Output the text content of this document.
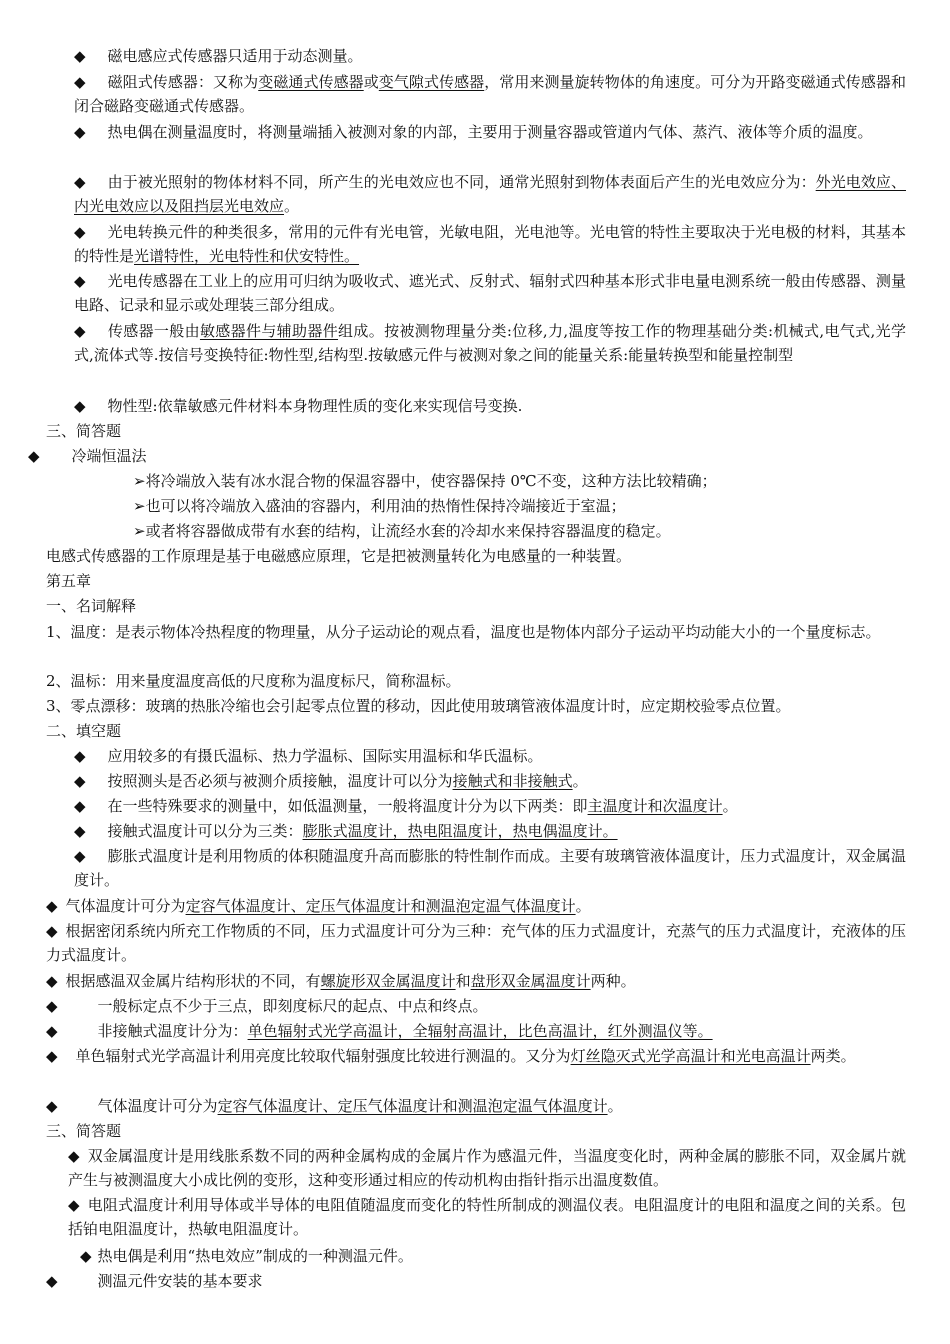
◆ 磁电感应式传感器只适用于动态测量。
◆ 磁阻式传感器：又称为变磁通式传感器或变气隙式传感器，常用来测量旋转物体的角速度。可分为开路变磁通式传感器和闭合磁路变磁通式传感器。
◆ 热电偶在测量温度时，将测量端插入被测对象的内部，主要用于测量容器或管道内气体、蒸汽、液体等介质的温度。
◆ 由于被光照射的物体材料不同，所产生的光电效应也不同，通常光照射到物体表面后产生的光电效应分为：外光电效应、内光电效应以及阻挡层光电效应。
◆ 光电转换元件的种类很多，常用的元件有光电管，光敏电阻，光电池等。光电管的特性主要取决于光电极的材料，其基本的特性是光谱特性，光电特性和伏安特性。
◆ 光电传感器在工业上的应用可归纳为吸收式、遮光式、反射式、辐射式四种基本形式非电量电测系统一般由传感器、测量电路、记录和显示或处理装三部分组成。
◆ 传感器一般由敏感器件与辅助器件组成。按被测物理量分类:位移,力,温度等按工作的物理基础分类:机械式,电气式,光学式,流体式等.按信号变换特征:物性型,结构型.按敏感元件与被测对象之间的能量关系:能量转换型和能量控制型
◆ 物性型:依靠敏感元件材料本身物理性质的变化来实现信号变换.
三、简答题
◆ 冷端恒温法
➢将冷端放入装有冰水混合物的保温容器中，使容器保持 0℃不变，这种方法比较精确；
➢也可以将冷端放入盛油的容器内，利用油的热惰性保持冷端接近于室温；
➢或者将容器做成带有水套的结构，让流经水套的冷却水来保持容器温度的稳定。
电感式传感器的工作原理是基于电磁感应原理，它是把被测量转化为电感量的一种装置。
第五章
一、名词解释
1、温度：是表示物体冷热程度的物理量，从分子运动论的观点看，温度也是物体内部分子运动平均动能大小的一个量度标志。
2、温标：用来量度温度高低的尺度称为温度标尺，简称温标。
3、零点漂移：玻璃的热胀冷缩也会引起零点位置的移动，因此使用玻璃管液体温度计时，应定期校验零点位置。
二、填空题
◆ 应用较多的有摄氏温标、热力学温标、国际实用温标和华氏温标。
◆ 按照测头是否必须与被测介质接触，温度计可以分为接触式和非接触式。
◆ 在一些特殊要求的测量中，如低温测量，一般将温度计分为以下两类：即主温度计和次温度计。
◆ 接触式温度计可以分为三类：膨胀式温度计，热电阻温度计，热电偶温度计。
◆ 膨胀式温度计是利用物质的体积随温度升高而膨胀的特性制作而成。主要有玻璃管液体温度计，压力式温度计，双金属温度计。
◆ 气体温度计可分为定容气体温度计、定压气体温度计和测温泡定温气体温度计。
◆ 根据密闭系统内所充工作物质的不同，压力式温度计可分为三种：充气体的压力式温度计，充蒸气的压力式温度计，充液体的压力式温度计。
◆ 根据感温双金属片结构形状的不同，有螺旋形双金属温度计和盘形双金属温度计两种。
◆	一般标定点不少于三点，即刻度标尺的起点、中点和终点。
◆	非接触式温度计分为：单色辐射式光学高温计，全辐射高温计，比色高温计，红外测温仪等。
◆ 单色辐射式光学高温计利用亮度比较取代辐射强度比较进行测温的。又分为灯丝隐灭式光学高温计和光电高温计两类。
◆	气体温度计可分为定容气体温度计、定压气体温度计和测温泡定温气体温度计。
三、简答题
◆ 双金属温度计是用线胀系数不同的两种金属构成的金属片作为感温元件，当温度变化时，两种金属的膨胀不同，双金属片就产生与被测温度大小成比例的变形，这种变形通过相应的传动机构由指针指示出温度数值。
◆ 电阻式温度计利用导体或半导体的电阻值随温度而变化的特性所制成的测温仪表。电阻温度计的电阻和温度之间的关系。包括铂电阻温度计，热敏电阻温度计。
◆ 热电偶是利用“热电效应”制成的一种测温元件。
◆	测温元件安装的基本要求
